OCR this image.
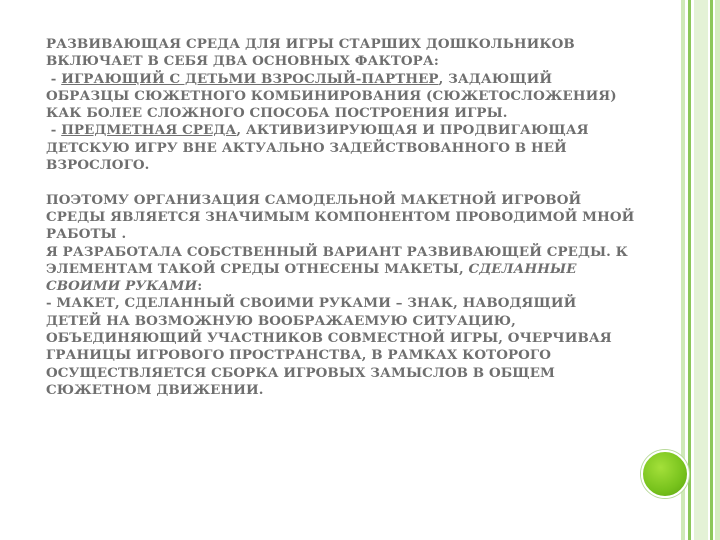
РАЗВИВАЮЩАЯ СРЕДА ДЛЯ ИГРЫ СТАРШИХ ДОШКОЛЬНИКОВ ВКЛЮЧАЕТ В СЕБЯ ДВА ОСНОВНЫХ ФАКТОРА:
- ИГРАЮЩИЙ С ДЕТЬМИ ВЗРОСЛЫЙ-ПАРТНЕР, ЗАДАЮЩИЙ ОБРАЗЦЫ СЮЖЕТНОГО КОМБИНИРОВАНИЯ (СЮЖЕТОСЛОЖЕНИЯ) КАК БОЛЕЕ СЛОЖНОГО СПОСОБА ПОСТРОЕНИЯ ИГРЫ.
- ПРЕДМЕТНАЯ СРЕДА, АКТИВИЗИРУЮЩАЯ И ПРОДВИГАЮЩАЯ ДЕТСКУЮ ИГРУ ВНЕ АКТУАЛЬНО ЗАДЕЙСТВОВАННОГО В НЕЙ ВЗРОСЛОГО.
ПОЭТОМУ ОРГАНИЗАЦИЯ САМОДЕЛЬНОЙ МАКЕТНОЙ ИГРОВОЙ СРЕДЫ ЯВЛЯЕТСЯ ЗНАЧИМЫМ КОМПОНЕНТОМ ПРОВОДИМОЙ МНОЙ РАБОТЫ .
Я РАЗРАБОТАЛА СОБСТВЕННЫЙ ВАРИАНТ РАЗВИВАЮЩЕЙ СРЕДЫ. К ЭЛЕМЕНТАМ ТАКОЙ СРЕДЫ ОТНЕСЕНЫ МАКЕТЫ, СДЕЛАННЫЕ СВОИМИ РУКАМИ:
- МАКЕТ, СДЕЛАННЫЙ СВОИМИ РУКАМИ – ЗНАК, НАВОДЯЩИЙ ДЕТЕЙ НА ВОЗМОЖНУЮ ВООБРАЖАЕМУЮ СИТУАЦИЮ, ОБЪЕДИНЯЮЩИЙ УЧАСТНИКОВ СОВМЕСТНОЙ ИГРЫ, ОЧЕРЧИВАЯ ГРАНИЦЫ ИГРОВОГО ПРОСТРАНСТВА, В РАМКАХ КОТОРОГО ОСУЩЕСТВЛЯЕТСЯ СБОРКА ИГРОВЫХ ЗАМЫСЛОВ В ОБЩЕМ СЮЖЕТНОМ ДВИЖЕНИИ.
